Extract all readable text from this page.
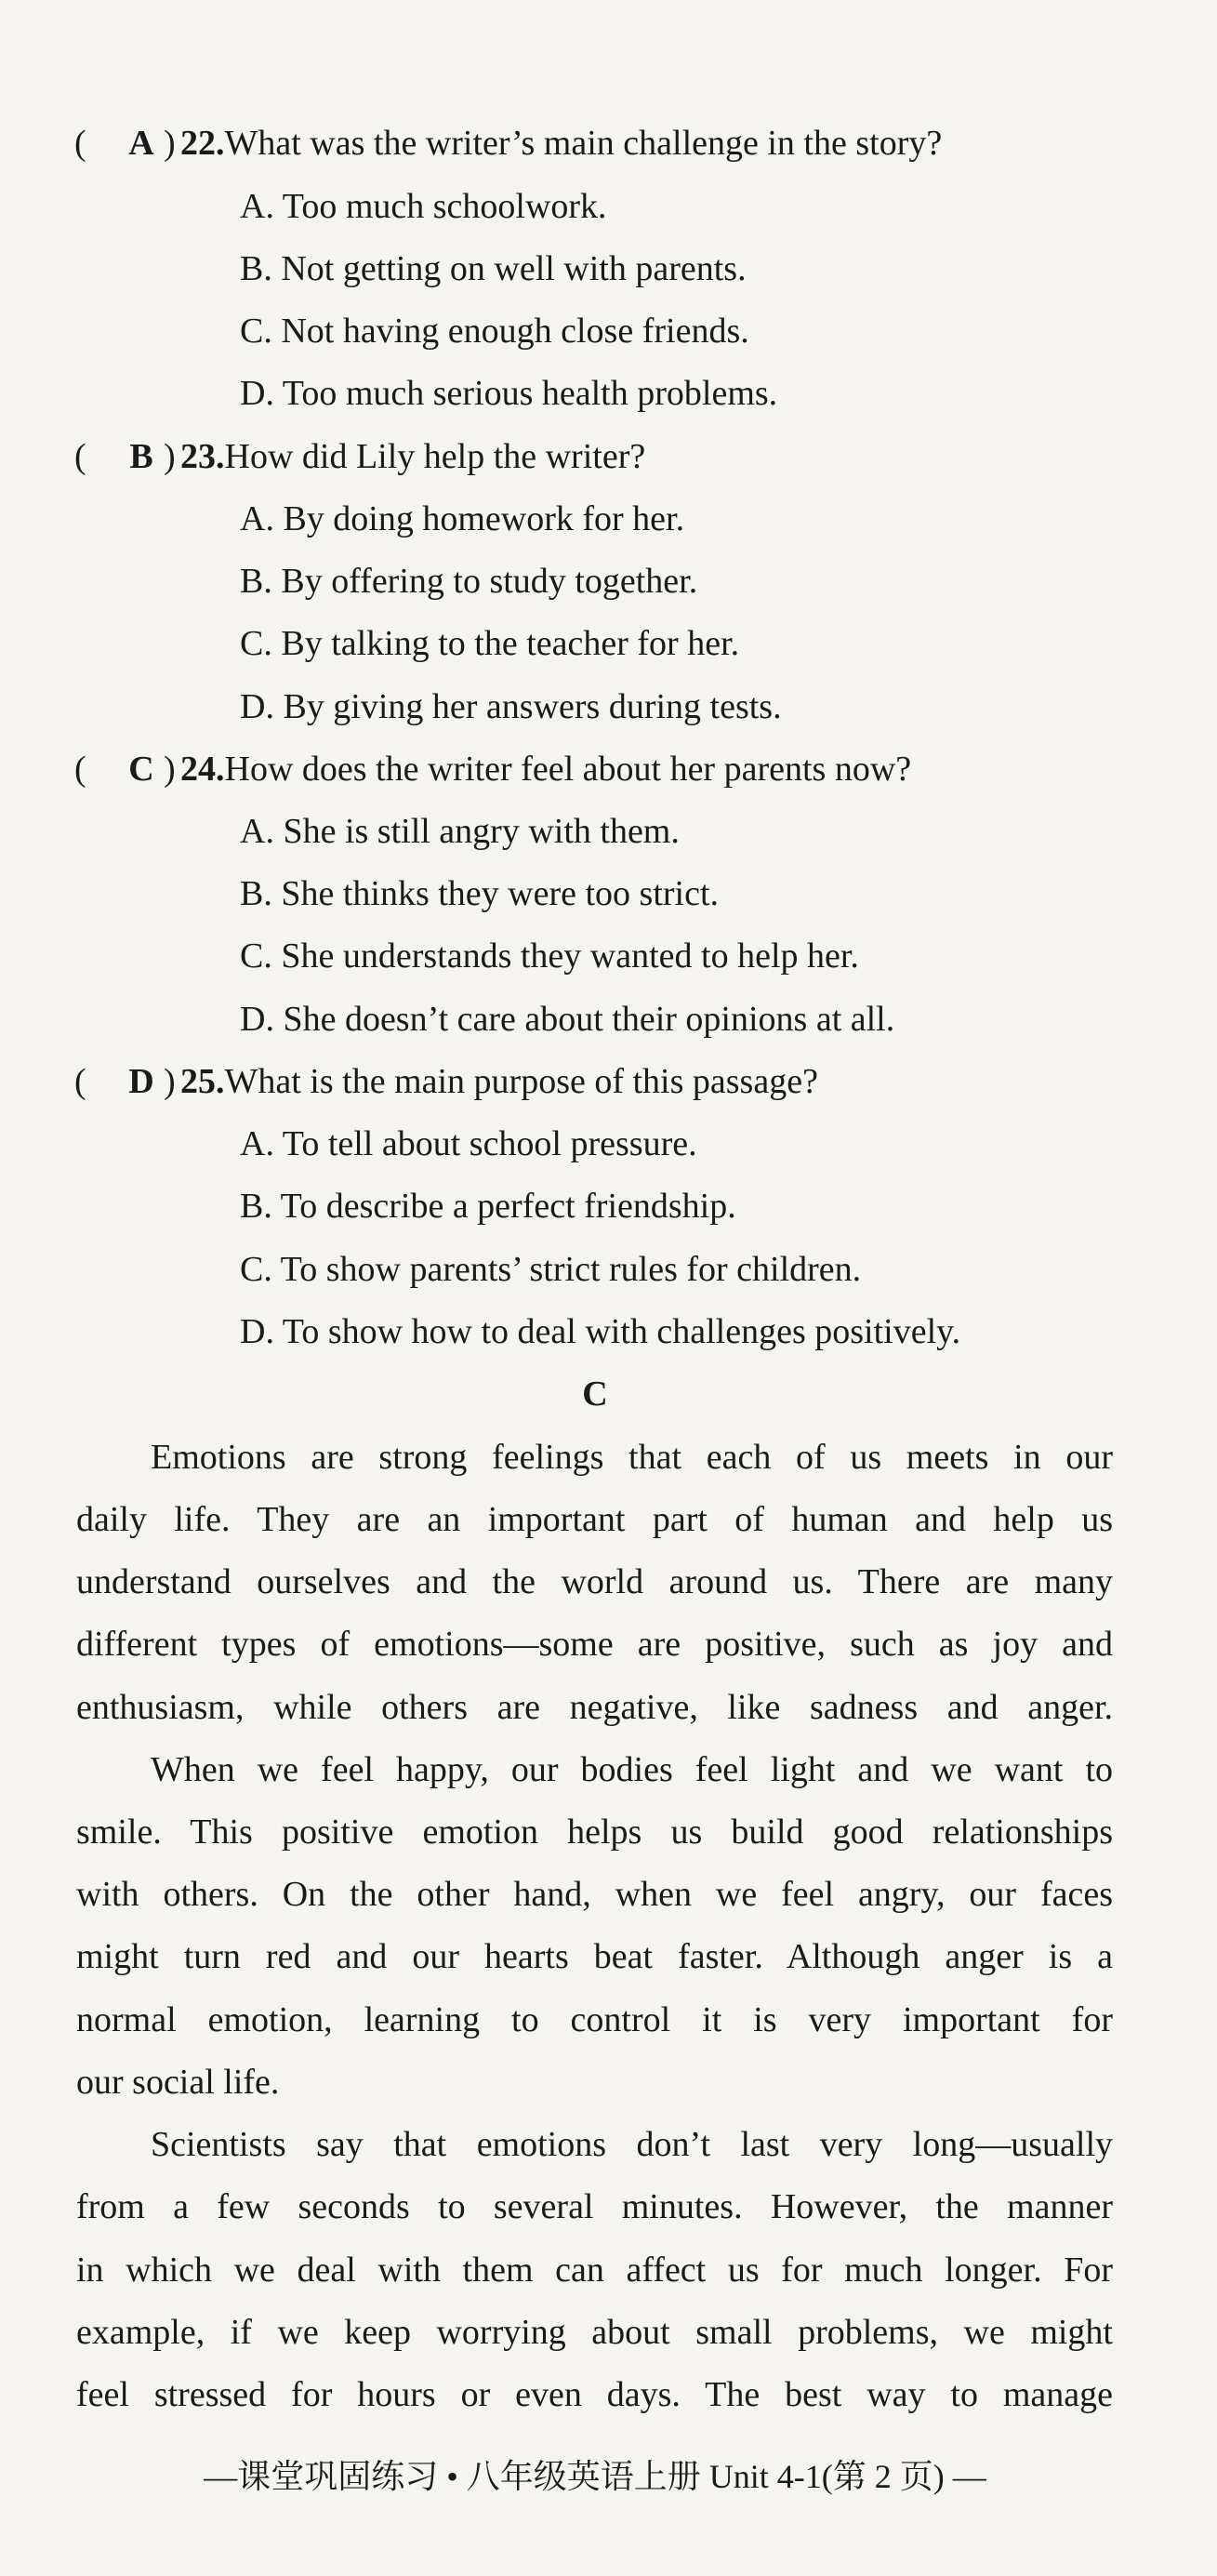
( A ) 22.What was the writer’s main challenge in the story?
A. Too much schoolwork.
B. Not getting on well with parents.
C. Not having enough close friends.
D. Too much serious health problems.
( B ) 23.How did Lily help the writer?
A. By doing homework for her.
B. By offering to study together.
C. By talking to the teacher for her.
D. By giving her answers during tests.
( C ) 24.How does the writer feel about her parents now?
A. She is still angry with them.
B. She thinks they were too strict.
C. She understands they wanted to help her.
D. She doesn’t care about their opinions at all.
( D ) 25.What is the main purpose of this passage?
A. To tell about school pressure.
B. To describe a perfect friendship.
C. To show parents’ strict rules for children.
D. To show how to deal with challenges positively.
C
Emotions are strong feelings that each of us meets in our
daily life. They are an important part of human and help us
understand ourselves and the world around us. There are many
different types of emotions—some are positive, such as joy and
enthusiasm, while others are negative, like sadness and anger.
When we feel happy, our bodies feel light and we want to
smile. This positive emotion helps us build good relationships
with others. On the other hand, when we feel angry, our faces
might turn red and our hearts beat faster. Although anger is a
normal emotion, learning to control it is very important for
our social life.
Scientists say that emotions don’t last very long—usually
from a few seconds to several minutes. However, the manner
in which we deal with them can affect us for much longer. For
example, if we keep worrying about small problems, we might
feel stressed for hours or even days. The best way to manage
—课堂巩固练习 • 八年级英语上册 Unit 4-1(第 2 页) —
